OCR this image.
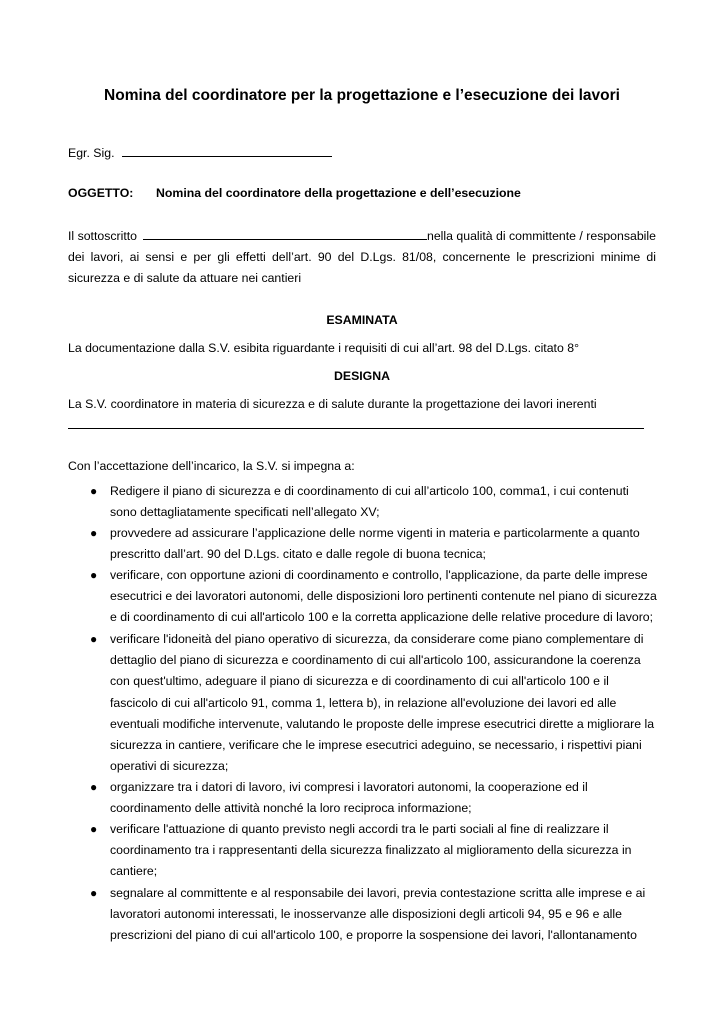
Nomina del coordinatore per la progettazione e l’esecuzione dei lavori
Egr. Sig.
OGGETTO: Nomina del coordinatore della progettazione e dell’esecuzione
Il sottoscritto	nella qualità di committente / responsabile
dei lavori, ai sensi e per gli effetti dell’art. 90 del D.Lgs. 81/08, concernente le prescrizioni minime di
sicurezza e di salute da attuare nei cantieri
ESAMINATA
La documentazione dalla S.V. esibita riguardante i requisiti di cui all’art. 98 del D.Lgs. citato 8°
DESIGNA
La S.V. coordinatore in materia di sicurezza e di salute durante la progettazione dei lavori inerenti
Con l’accettazione dell’incarico, la S.V. si impegna a:
● Redigere il piano di sicurezza e di coordinamento di cui all’articolo 100, comma1, i cui contenuti
sono dettagliatamente specificati nell’allegato XV;
● provvedere ad assicurare l’applicazione delle norme vigenti in materia e particolarmente a quanto
prescritto dall’art. 90 del D.Lgs. citato e dalle regole di buona tecnica;
● verificare, con opportune azioni di coordinamento e controllo, l'applicazione, da parte delle imprese
esecutrici e dei lavoratori autonomi, delle disposizioni loro pertinenti contenute nel piano di sicurezza
e di coordinamento di cui all'articolo 100 e la corretta applicazione delle relative procedure di lavoro;
● verificare l'idoneità del piano operativo di sicurezza, da considerare come piano complementare di
dettaglio del piano di sicurezza e coordinamento di cui all'articolo 100, assicurandone la coerenza
con quest'ultimo, adeguare il piano di sicurezza e di coordinamento di cui all'articolo 100 e il
fascicolo di cui all'articolo 91, comma 1, lettera b), in relazione all'evoluzione dei lavori ed alle
eventuali modifiche intervenute, valutando le proposte delle imprese esecutrici dirette a migliorare la
sicurezza in cantiere, verificare che le imprese esecutrici adeguino, se necessario, i rispettivi piani
operativi di sicurezza;
● organizzare tra i datori di lavoro, ivi compresi i lavoratori autonomi, la cooperazione ed il
coordinamento delle attività nonché la loro reciproca informazione;
● verificare l'attuazione di quanto previsto negli accordi tra le parti sociali al fine di realizzare il
coordinamento tra i rappresentanti della sicurezza finalizzato al miglioramento della sicurezza in
cantiere;
● segnalare al committente e al responsabile dei lavori, previa contestazione scritta alle imprese e ai
lavoratori autonomi interessati, le inosservanze alle disposizioni degli articoli 94, 95 e 96 e alle
prescrizioni del piano di cui all'articolo 100, e proporre la sospensione dei lavori, l'allontanamento
